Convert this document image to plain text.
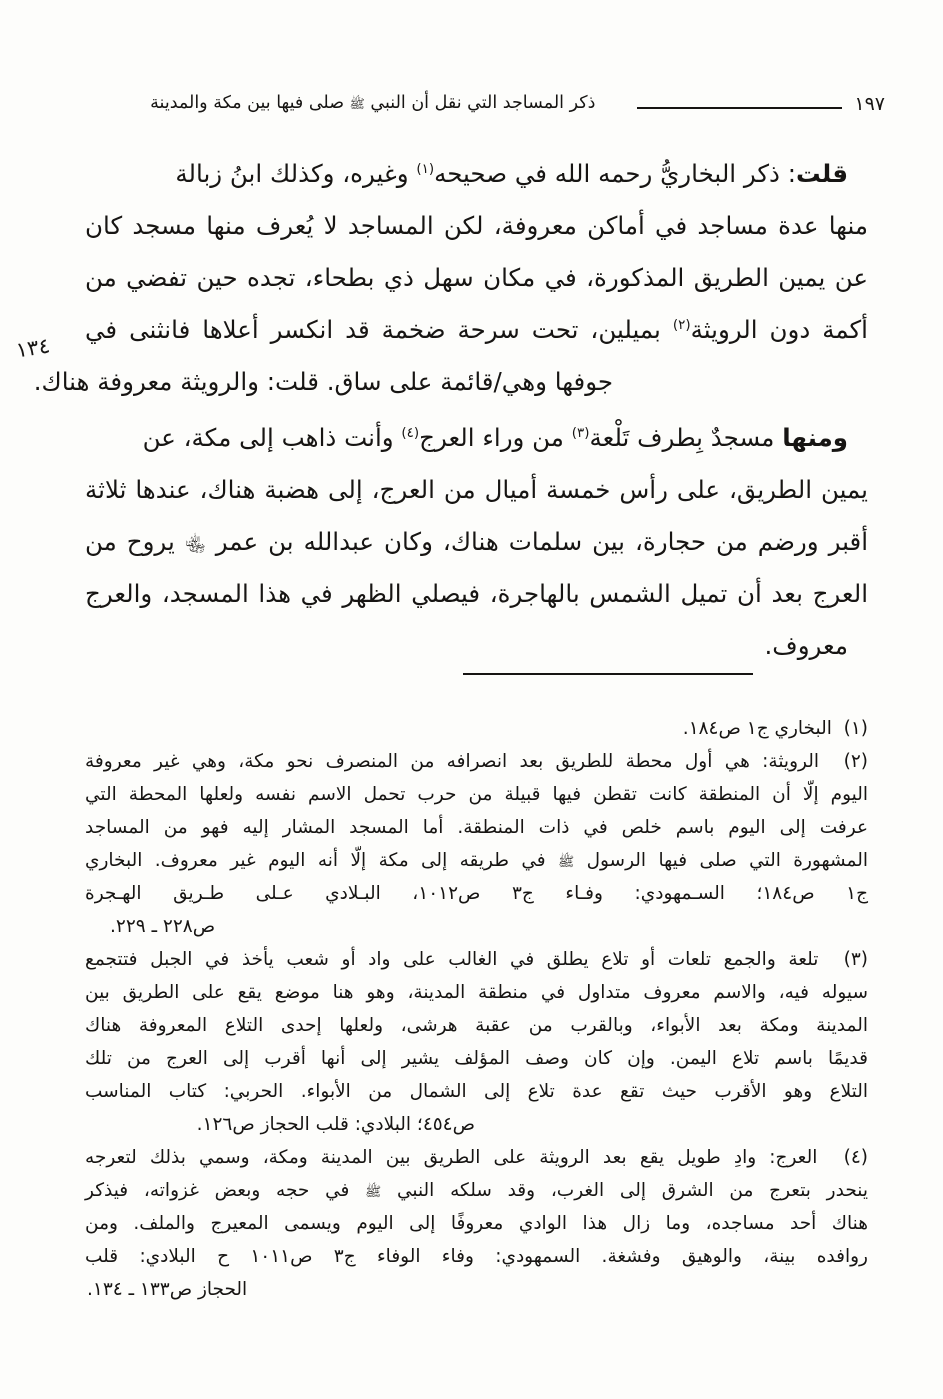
١٩٧
ذكر المساجد التي نقل أن النبي ﷺ صلى فيها بين مكة والمدينة
١٣٤
قلت: ذكر البخاريُّ رحمه الله في صحيحه$^{(١)}$ وغيره، وكذلك ابنُ زبالة
منها عدة مساجد في أماكن معروفة، لكن المساجد لا يُعرف منها مسجد كان
عن يمين الطريق المذكورة، في مكان سهل ذي بطحاء، تجده حين تفضي من
أكمة دون الرويثة$^{(٢)}$ بميلين، تحت سرحة ضخمة قد انكسر أعلاها فانثنى في
جوفها وهي/قائمة على ساق. قلت: والرويثة معروفة هناك.
ومنها مسجدٌ بِطرف تَلْعة$^{(٣)}$ من وراء العرج$^{(٤)}$ وأنت ذاهب إلى مكة، عن
يمين الطريق، على رأس خمسة أميال من العرج، إلى هضبة هناك، عندها ثلاثة
أقبر ورضم من حجارة، بين سلمات هناك، وكان عبدالله بن عمر ﵄ يروح من
العرج بعد أن تميل الشمس بالهاجرة، فيصلي الظهر في هذا المسجد، والعرج
معروف.
(١)  البخاري ج١ ص١٨٤.
(٢)  الرويثة: هي أول محطة للطريق بعد انصرافه من المنصرف نحو مكة، وهي غير معروفة
اليوم إلّا أن المنطقة كانت تقطن فيها قبيلة من حرب تحمل الاسم نفسه ولعلها المحطة التي
عرفت إلى اليوم باسم خلص في ذات المنطقة. أما المسجد المشار إليه فهو من المساجد
المشهورة التي صلى فيها الرسول ﷺ في طريقه إلى مكة إلّا أنه اليوم غير معروف. البخاري
ج١ ص١٨٤؛ السـمهودي: وفـاء ج٣ ص١٠١٢، البـلادي عـلى طـريق الهـجرة
ص٢٢٨ ـ ٢٢٩.
(٣)  تلعة والجمع تلعات أو تلاع يطلق في الغالب على واد أو شعب يأخذ في الجبل فتتجمع
سيوله فيه، والاسم معروف متداول في منطقة المدينة، وهو هنا موضع يقع على الطريق بين
المدينة ومكة بعد الأبواء، وبالقرب من عقبة هرشى، ولعلها إحدى التلاع المعروفة هناك
قديمًا باسم تلاع اليمن. وإن كان وصف المؤلف يشير إلى أنها أقرب إلى العرج من تلك
التلاع وهو الأقرب حيث تقع عدة تلاع إلى الشمال من الأبواء. الحربي: كتاب المناسب
ص٤٥٤؛ البلادي: قلب الحجاز ص١٢٦.
(٤)  العرج: وادِ طويل يقع بعد الرويثة على الطريق بين المدينة ومكة، وسمي بذلك لتعرجه
ينحدر بتعرج من الشرق إلى الغرب، وقد سلكه النبي ﷺ في حجه وبعض غزواته، فيذكر
هناك أحد مساجده، وما زال هذا الوادي معروفًا إلى اليوم ويسمى المعيرج والملف. ومن
روافده بينة، والوهيق وفشغة. السمهودي: وفاء الوفاء ج٣ ص١٠١١ ح البلادي: قلب
الحجاز ص١٣٣ ـ ١٣٤.
